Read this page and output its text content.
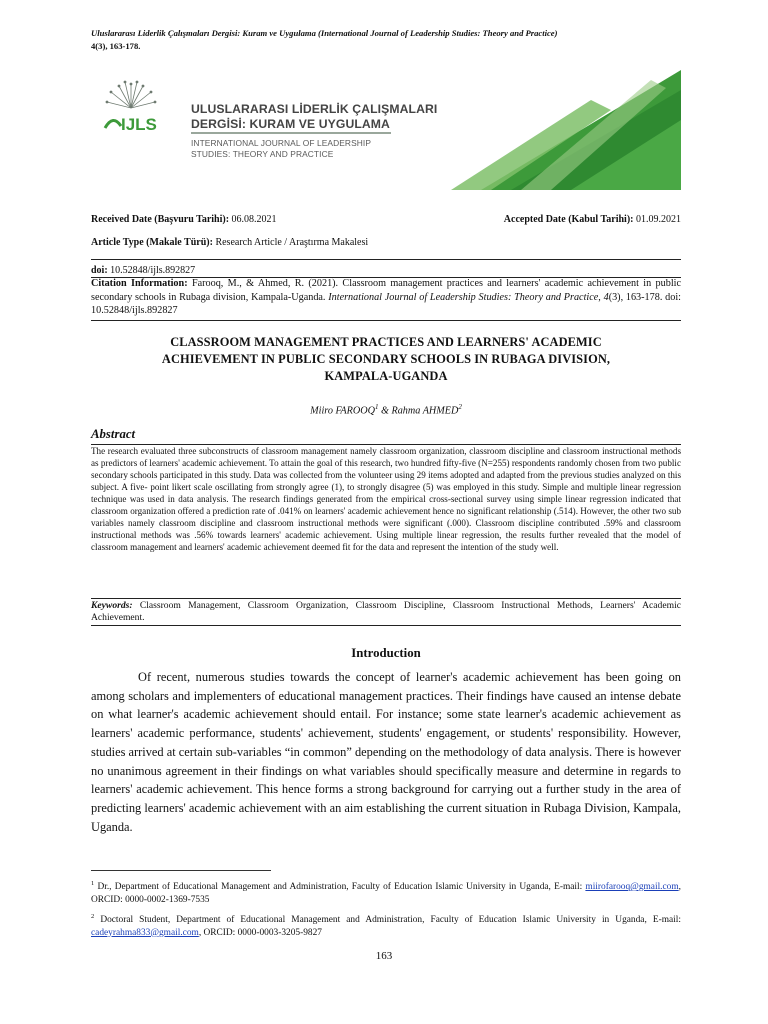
Uluslararası Liderlik Çalışmaları Dergisi: Kuram ve Uygulama (International Journal of Leadership Studies: Theory and Practice)
4(3), 163-178.
IJLS
ULUSLARARASI LİDERLİK ÇALIŞMALARI
DERGİSİ: KURAM VE UYGULAMA
INTERNATIONAL JOURNAL OF LEADERSHIP
STUDIES: THEORY AND PRACTICE
Received Date (Başvuru Tarihi): 06.08.2021	Accepted Date (Kabul Tarihi): 01.09.2021
Article Type (Makale Türü): Research Article / Araştırma Makalesi
doi: 10.52848/ijls.892827
Citation Information: Farooq, M., & Ahmed, R. (2021). Classroom management practices and learners' academic achievement in public secondary schools in Rubaga division, Kampala-Uganda. International Journal of Leadership Studies: Theory and Practice, 4(3), 163-178. doi: 10.52848/ijls.892827
CLASSROOM MANAGEMENT PRACTICES AND LEARNERS' ACADEMIC
ACHIEVEMENT IN PUBLIC SECONDARY SCHOOLS IN RUBAGA DIVISION,
KAMPALA-UGANDA
Miiro FAROOQ$^1$ & Rahma AHMED$^2$
Abstract
The research evaluated three subconstructs of classroom management namely classroom organization, classroom discipline and classroom instructional methods as predictors of learners' academic achievement. To attain the goal of this research, two hundred fifty-five (N=255) respondents randomly chosen from two public secondary schools participated in this study. Data was collected from the volunteer using 29 items adopted and adapted from the previous studies analyzed on this subject. A five- point likert scale oscillating from strongly agree (1), to strongly disagree (5) was employed in this study. Simple and multiple linear regression technique was used in data analysis. The research findings generated from the empirical cross-sectional survey using simple linear regression indicated that classroom organization offered a prediction rate of .041% on learners' academic achievement hence no significant relationship (.514). However, the other two sub variables namely classroom discipline and classroom instructional methods were significant (.000). Classroom discipline contributed .59% and classroom instructional methods was .56% towards learners' academic achievement. Using multiple linear regression, the results further revealed that the model of classroom management and learners' academic achievement deemed fit for the data and represent the intention of the study well.
Keywords: Classroom Management, Classroom Organization, Classroom Discipline, Classroom Instructional Methods, Learners' Academic Achievement.
Introduction
Of recent, numerous studies towards the concept of learner's academic achievement has been going on among scholars and implementers of educational management practices. Their findings have caused an intense debate on what learner's academic achievement should entail. For instance; some state learner's academic achievement as learners' academic performance, students' achievement, students' engagement, or students' responsibility. However, studies arrived at certain sub-variables “in common” depending on the methodology of data analysis. There is however no unanimous agreement in their findings on what variables should specifically measure and determine in regards to learners' academic achievement. This hence forms a strong background for carrying out a further study in the area of predicting learners' academic achievement with an aim establishing the current situation in Rubaga Division, Kampala, Uganda.
$^1$ Dr., Department of Educational Management and Administration, Faculty of Education Islamic University in Uganda, E-mail: miirofarooq@gmail.com, ORCID: 0000-0002-1369-7535
$^2$ Doctoral Student, Department of Educational Management and Administration, Faculty of Education Islamic University in Uganda, E-mail: cadeyrahma833@gmail.com, ORCID: 0000-0003-3205-9827
163
